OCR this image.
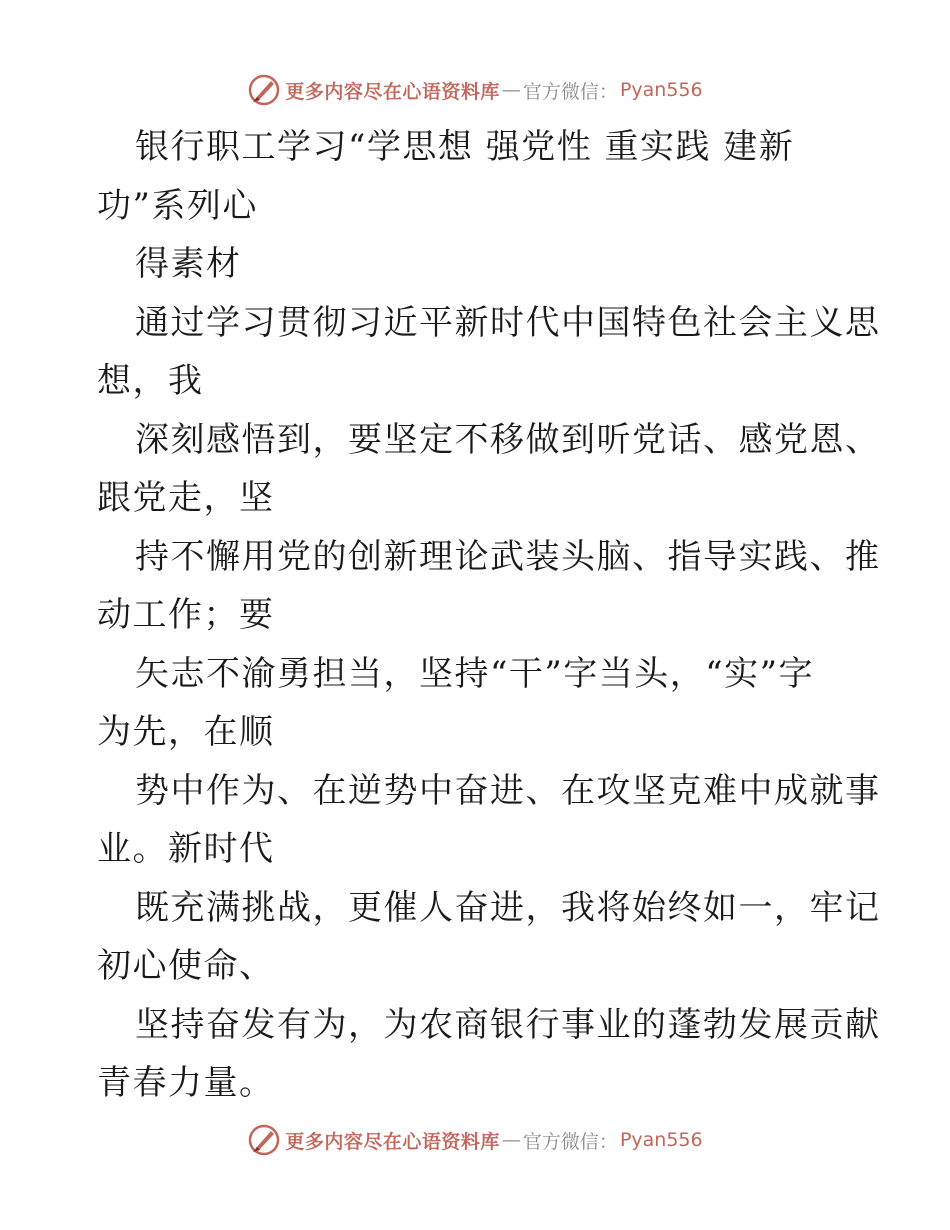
更多内容尽在心语资料库 — 官方微信： Pyan556
银行职工学习“学思想 强党性 重实践 建新
功”系列心
得素材
通过学习贯彻习近平新时代中国特色社会主义思
想，我
深刻感悟到，要坚定不移做到听党话、感党恩、
跟党走，坚
持不懈用党的创新理论武装头脑、指导实践、推
动工作；要
矢志不渝勇担当，坚持“干”字当头，“实”字
为先，在顺
势中作为、在逆势中奋进、在攻坚克难中成就事
业。新时代
既充满挑战，更催人奋进，我将始终如一，牢记
初心使命、
坚持奋发有为，为农商银行事业的蓬勃发展贡献
青春力量。
更多内容尽在心语资料库 — 官方微信： Pyan556
